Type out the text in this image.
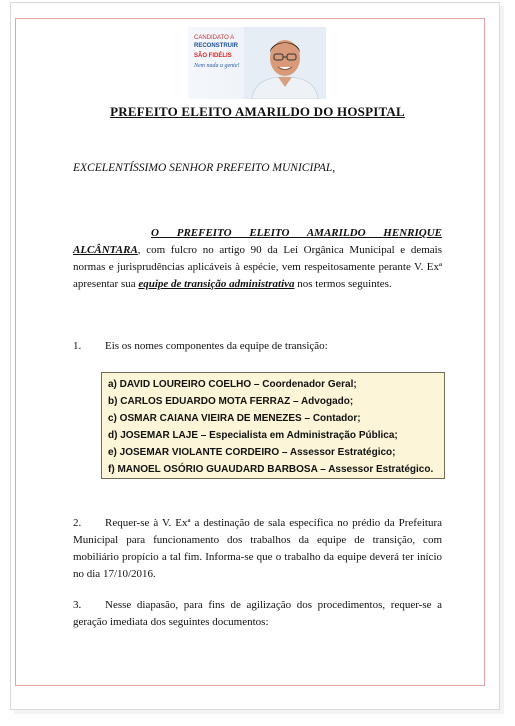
CANDIDATO A
RECONSTRUIR
SÃO FIDÉLIS
Nem nada a gente!
PREFEITO ELEITO AMARILDO DO HOSPITAL
EXCELENTÍSSIMO SENHOR PREFEITO MUNICIPAL,
O PREFEITO ELEITO AMARILDO HENRIQUE ALCÂNTARA, com fulcro no artigo 90 da Lei Orgânica Municipal e demais normas e jurisprudências aplicáveis à espécie, vem respeitosamente perante V. Exª apresentar sua equipe de transição administrativa nos termos seguintes.
1. Eis os nomes componentes da equipe de transição:
a) DAVID LOUREIRO COELHO – Coordenador Geral;
b) CARLOS EDUARDO MOTA FERRAZ – Advogado;
c) OSMAR CAIANA VIEIRA DE MENEZES – Contador;
d) JOSEMAR LAJE – Especialista em Administração Pública;
e) JOSEMAR VIOLANTE CORDEIRO – Assessor Estratégico;
f) MANOEL OSÓRIO GUAUDARD BARBOSA – Assessor Estratégico.
2. Requer-se à V. Exª a destinação de sala específica no prédio da Prefeitura Municipal para funcionamento dos trabalhos da equipe de transição, com mobiliário propício a tal fim. Informa-se que o trabalho da equipe deverá ter início no dia 17/10/2016.
3. Nesse diapasão, para fins de agilização dos procedimentos, requer-se a geração imediata dos seguintes documentos:
